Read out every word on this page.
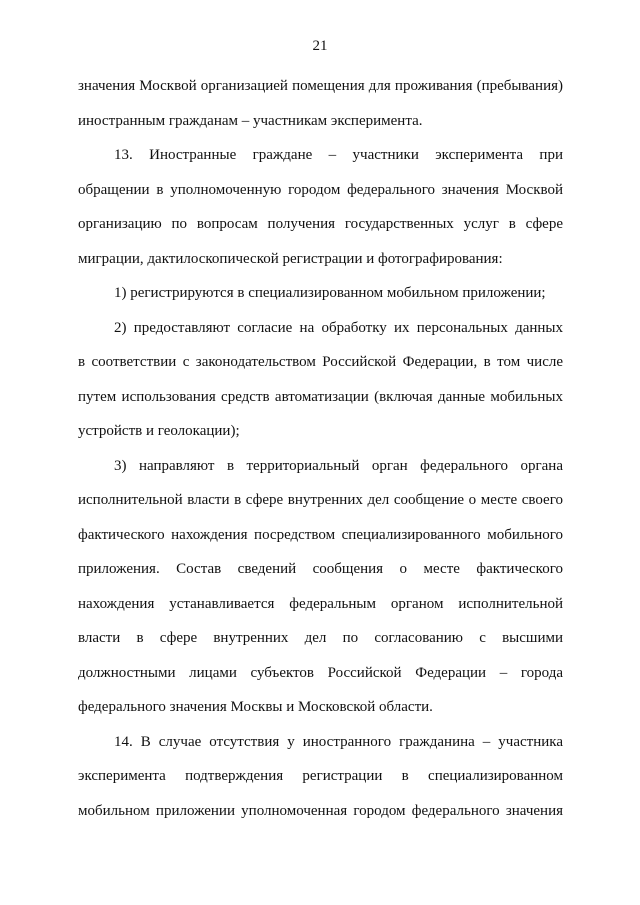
21
значения Москвой организацией помещения для проживания (пребывания)
иностранным гражданам – участникам эксперимента.
13. Иностранные граждане – участники эксперимента при
обращении в уполномоченную городом федерального значения Москвой
организацию по вопросам получения государственных услуг в сфере
миграции, дактилоскопической регистрации и фотографирования:
1) регистрируются в специализированном мобильном приложении;
2) предоставляют согласие на обработку их персональных данных
в соответствии с законодательством Российской Федерации, в том числе
путем использования средств автоматизации (включая данные мобильных
устройств и геолокации);
3) направляют в территориальный орган федерального органа
исполнительной власти в сфере внутренних дел сообщение о месте своего
фактического нахождения посредством специализированного мобильного
приложения. Состав сведений сообщения о месте фактического
нахождения устанавливается федеральным органом исполнительной
власти в сфере внутренних дел по согласованию с высшими
должностными лицами субъектов Российской Федерации – города
федерального значения Москвы и Московской области.
14. В случае отсутствия у иностранного гражданина – участника
эксперимента подтверждения регистрации в специализированном
мобильном приложении уполномоченная городом федерального значения
